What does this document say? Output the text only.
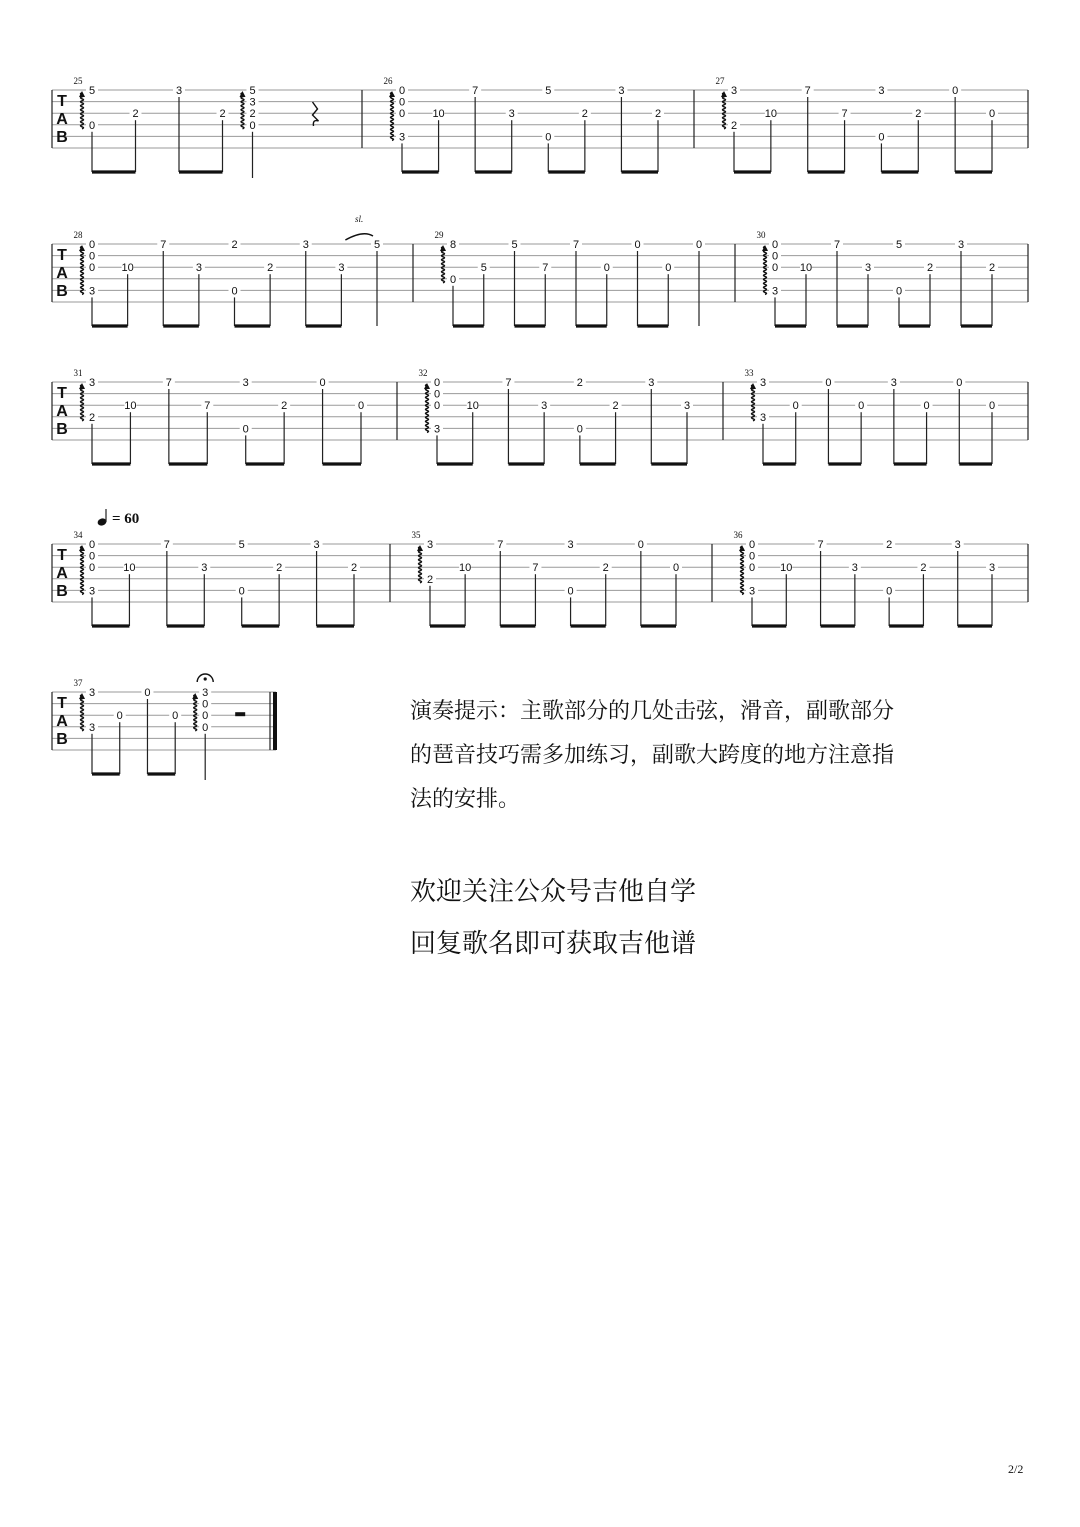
T
A
B
25
5
0
2
3
2
5
3
2
0
26
0
0
0
3
10
7
3
5
0
2
3
2
27
3
2
10
7
7
3
0
2
0
0
T
A
B
28
0
0
0
3
10
7
3
2
0
2
3
3
5
sl.
29
8
0
5
5
7
7
0
0
0
0
30
0
0
0
3
10
7
3
5
0
2
3
2
T
A
B
31
3
2
10
7
7
3
0
2
0
0
32
0
0
0
3
10
7
3
2
0
2
3
3
33
3
3
0
0
0
3
0
0
0
T
A
B
= 60
34
0
0
0
3
10
7
3
5
0
2
3
2
35
3
2
10
7
7
3
0
2
0
0
36
0
0
0
3
10
7
3
2
0
2
3
3
T
A
B
37
3
3
0
0
0
3
0
0
0
演奏提示：主歌部分的几处击弦，滑音，副歌部分
的琶音技巧需多加练习，副歌大跨度的地方注意指
法的安排。
欢迎关注公众号吉他自学
回复歌名即可获取吉他谱
2/2
